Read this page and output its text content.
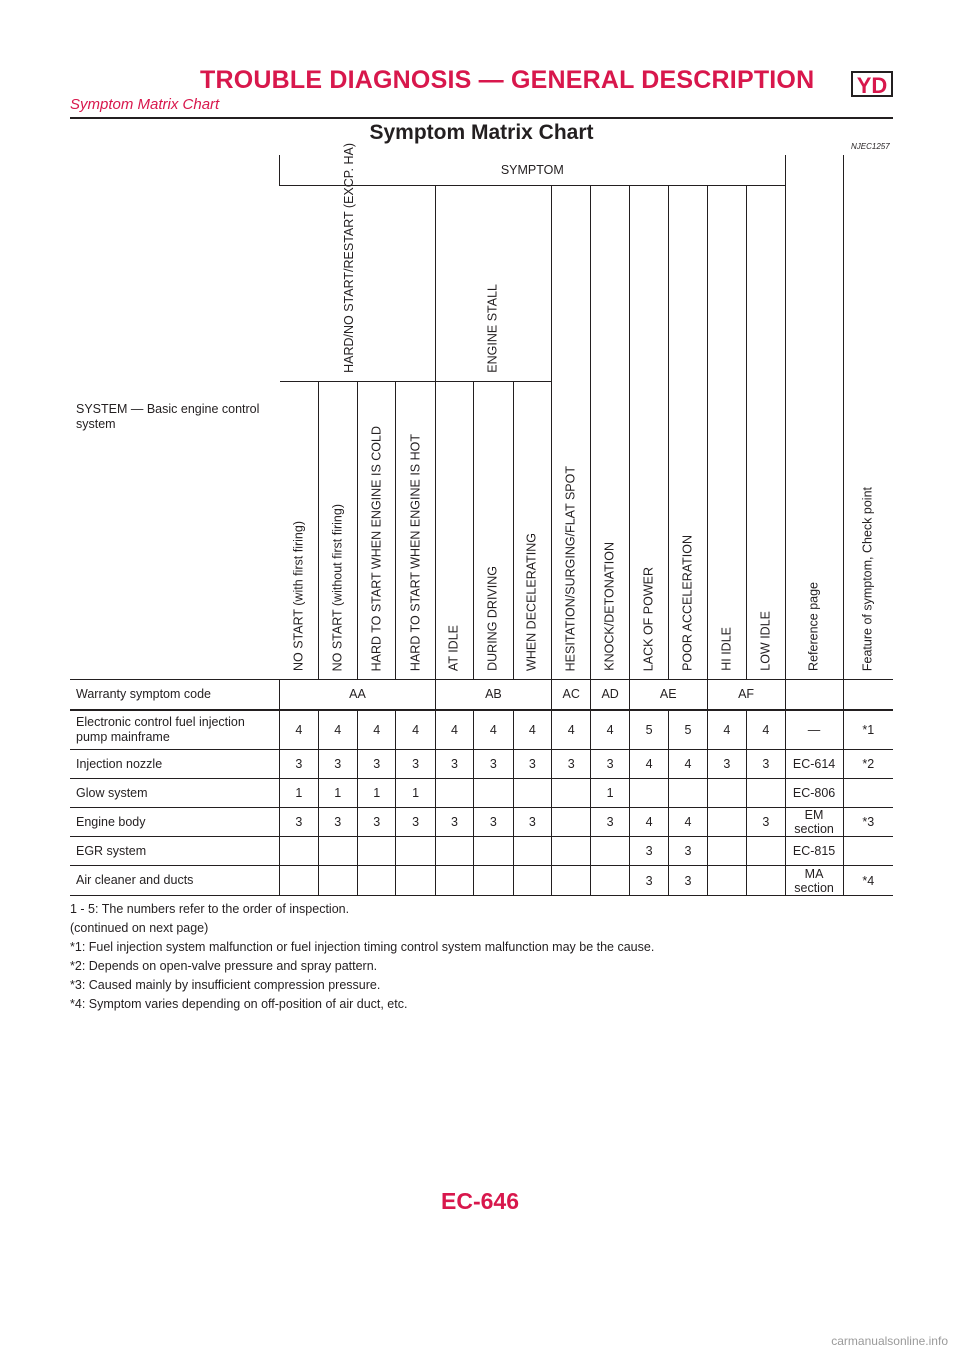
TROUBLE DIAGNOSIS — GENERAL DESCRIPTION YD
Symptom Matrix Chart
Symptom Matrix Chart
NJEC1257
SYSTEM — Basic engine control system	SYMPTOM													Reference page	Feature of symptom, Check point

	HARD/NO START/RESTART (EXCP. HA)				ENGINE STALL			HESITATION/SURGING/FLAT SPOT	KNOCK/DETONATION	LACK OF POWER	POOR ACCELERATION	HI IDLE	LOW IDLE		

	NO START (with first firing)	NO START (without first firing)	HARD TO START WHEN ENGINE IS COLD	HARD TO START WHEN ENGINE IS HOT	AT IDLE	DURING DRIVING	WHEN DECELERATING								

Warranty symptom code	AA				AB			AC	AD	AE		AF			
Electronic control fuel injection pump mainframe	4	4	4	4	4	4	4	4	4	5	5	4	4	—	*1
Injection nozzle	3	3	3	3	3	3	3	3	3	4	4	3	3	EC-614	*2
Glow system	1	1	1	1					1					EC-806	
Engine body	3	3	3	3	3	3	3		3	4	4		3	EM section	*3
EGR system										3	3			EC-815	
Air cleaner and ducts										3	3			MA section	*4
1 - 5: The numbers refer to the order of inspection.
(continued on next page)
*1: Fuel injection system malfunction or fuel injection timing control system malfunction may be the cause.
*2: Depends on open-valve pressure and spray pattern.
*3: Caused mainly by insufficient compression pressure.
*4: Symptom varies depending on off-position of air duct, etc.
EC-646
carmanualsonline.info
